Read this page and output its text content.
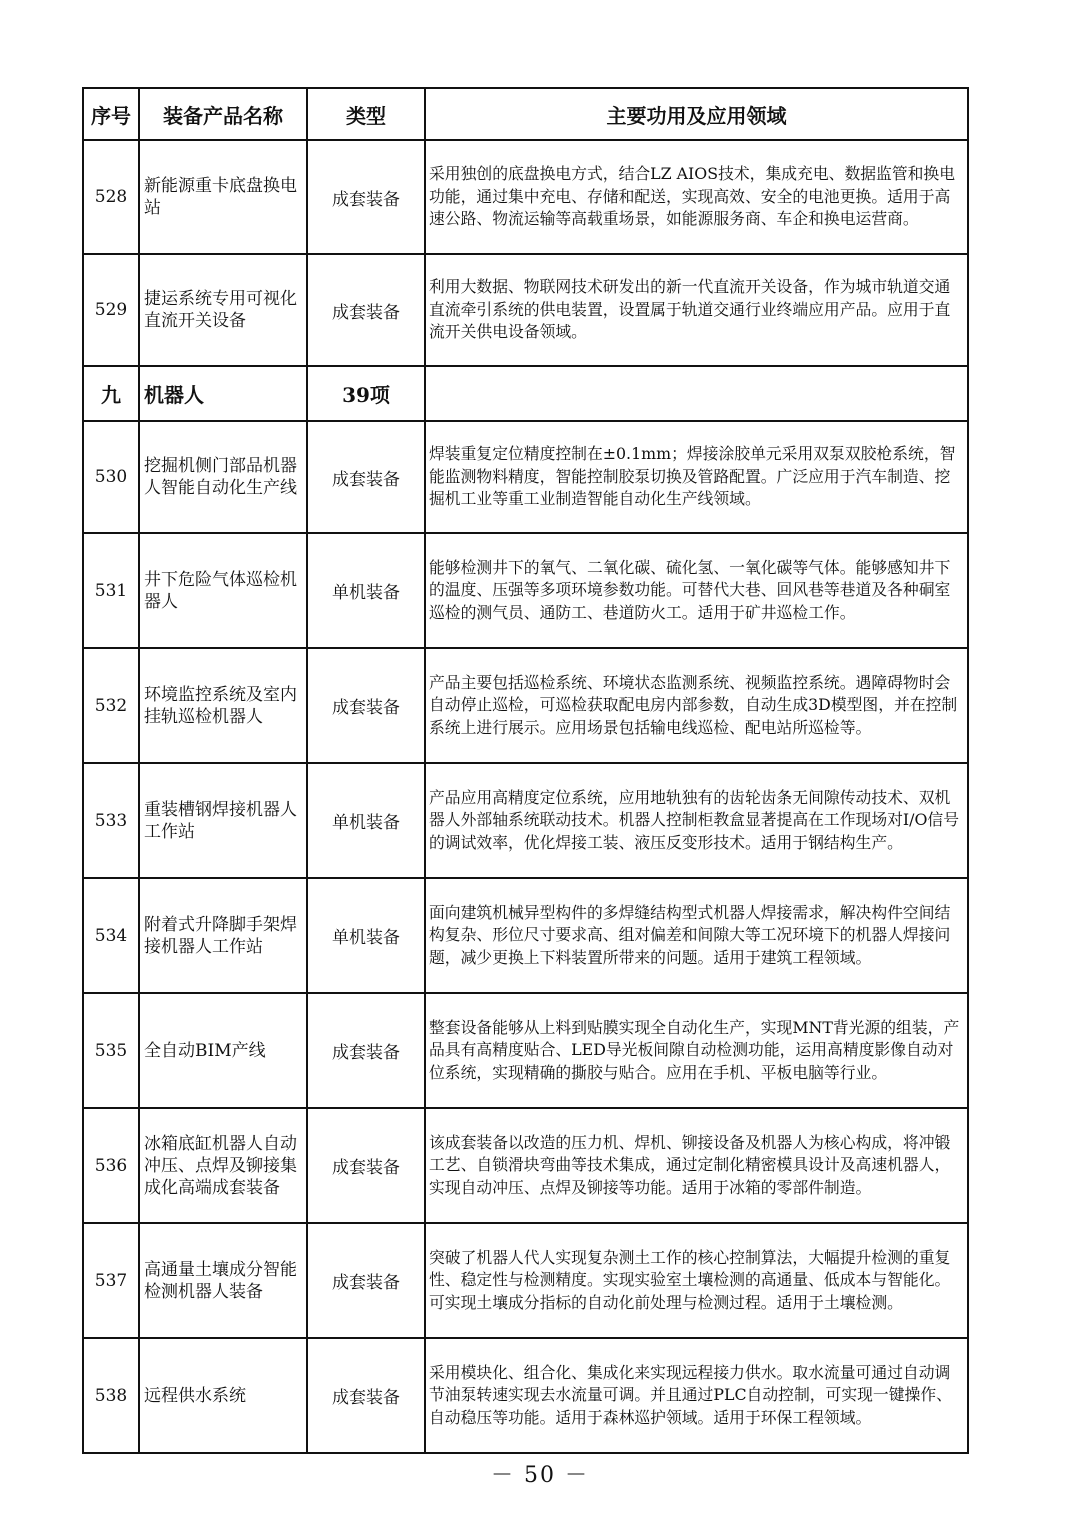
序号	装备产品名称	类型	主要功用及应用领域
528	新能源重卡底盘换电站	成套装备	采用独创的底盘换电方式，结合LZ AIOS技术，集成充电、数据监管和换电功能，通过集中充电、存储和配送，实现高效、安全的电池更换。适用于高速公路、物流运输等高载重场景，如能源服务商、车企和换电运营商。
529	捷运系统专用可视化直流开关设备	成套装备	利用大数据、物联网技术研发出的新一代直流开关设备，作为城市轨道交通直流牵引系统的供电装置，设置属于轨道交通行业终端应用产品。应用于直流开关供电设备领域。
九	机器人	39项	
530	挖掘机侧门部品机器人智能自动化生产线	成套装备	焊装重复定位精度控制在±0.1mm；焊接涂胶单元采用双泵双胶枪系统，智能监测物料精度，智能控制胶泵切换及管路配置。广泛应用于汽车制造、挖掘机工业等重工业制造智能自动化生产线领域。
531	井下危险气体巡检机器人	单机装备	能够检测井下的氧气、二氧化碳、硫化氢、一氧化碳等气体。能够感知井下的温度、压强等多项环境参数功能。可替代大巷、回风巷等巷道及各种硐室巡检的测气员、通防工、巷道防火工。适用于矿井巡检工作。
532	环境监控系统及室内挂轨巡检机器人	成套装备	产品主要包括巡检系统、环境状态监测系统、视频监控系统。遇障碍物时会自动停止巡检，可巡检获取配电房内部参数，自动生成3D模型图，并在控制系统上进行展示。应用场景包括输电线巡检、配电站所巡检等。
533	重装槽钢焊接机器人工作站	单机装备	产品应用高精度定位系统，应用地轨独有的齿轮齿条无间隙传动技术、双机器人外部轴系统联动技术。机器人控制柜教盒显著提高在工作现场对I/O信号的调试效率，优化焊接工装、液压反变形技术。适用于钢结构生产。
534	附着式升降脚手架焊接机器人工作站	单机装备	面向建筑机械异型构件的多焊缝结构型式机器人焊接需求，解决构件空间结构复杂、形位尺寸要求高、组对偏差和间隙大等工况环境下的机器人焊接问题，减少更换上下料装置所带来的问题。适用于建筑工程领域。
535	全自动BIM产线	成套装备	整套设备能够从上料到贴膜实现全自动化生产，实现MNT背光源的组装，产品具有高精度贴合、LED导光板间隙自动检测功能，运用高精度影像自动对位系统，实现精确的撕胶与贴合。应用在手机、平板电脑等行业。
536	冰箱底缸机器人自动冲压、点焊及铆接集成化高端成套装备	成套装备	该成套装备以改造的压力机、焊机、铆接设备及机器人为核心构成，将冲锻工艺、自锁滑块弯曲等技术集成，通过定制化精密模具设计及高速机器人，实现自动冲压、点焊及铆接等功能。适用于冰箱的零部件制造。
537	高通量土壤成分智能检测机器人装备	成套装备	突破了机器人代人实现复杂测土工作的核心控制算法，大幅提升检测的重复性、稳定性与检测精度。实现实验室土壤检测的高通量、低成本与智能化。可实现土壤成分指标的自动化前处理与检测过程。适用于土壤检测。
538	远程供水系统	成套装备	采用模块化、组合化、集成化来实现远程接力供水。取水流量可通过自动调节油泵转速实现去水流量可调。并且通过PLC自动控制，可实现一键操作、自动稳压等功能。适用于森林巡护领域。适用于环保工程领域。
－ 50 －
